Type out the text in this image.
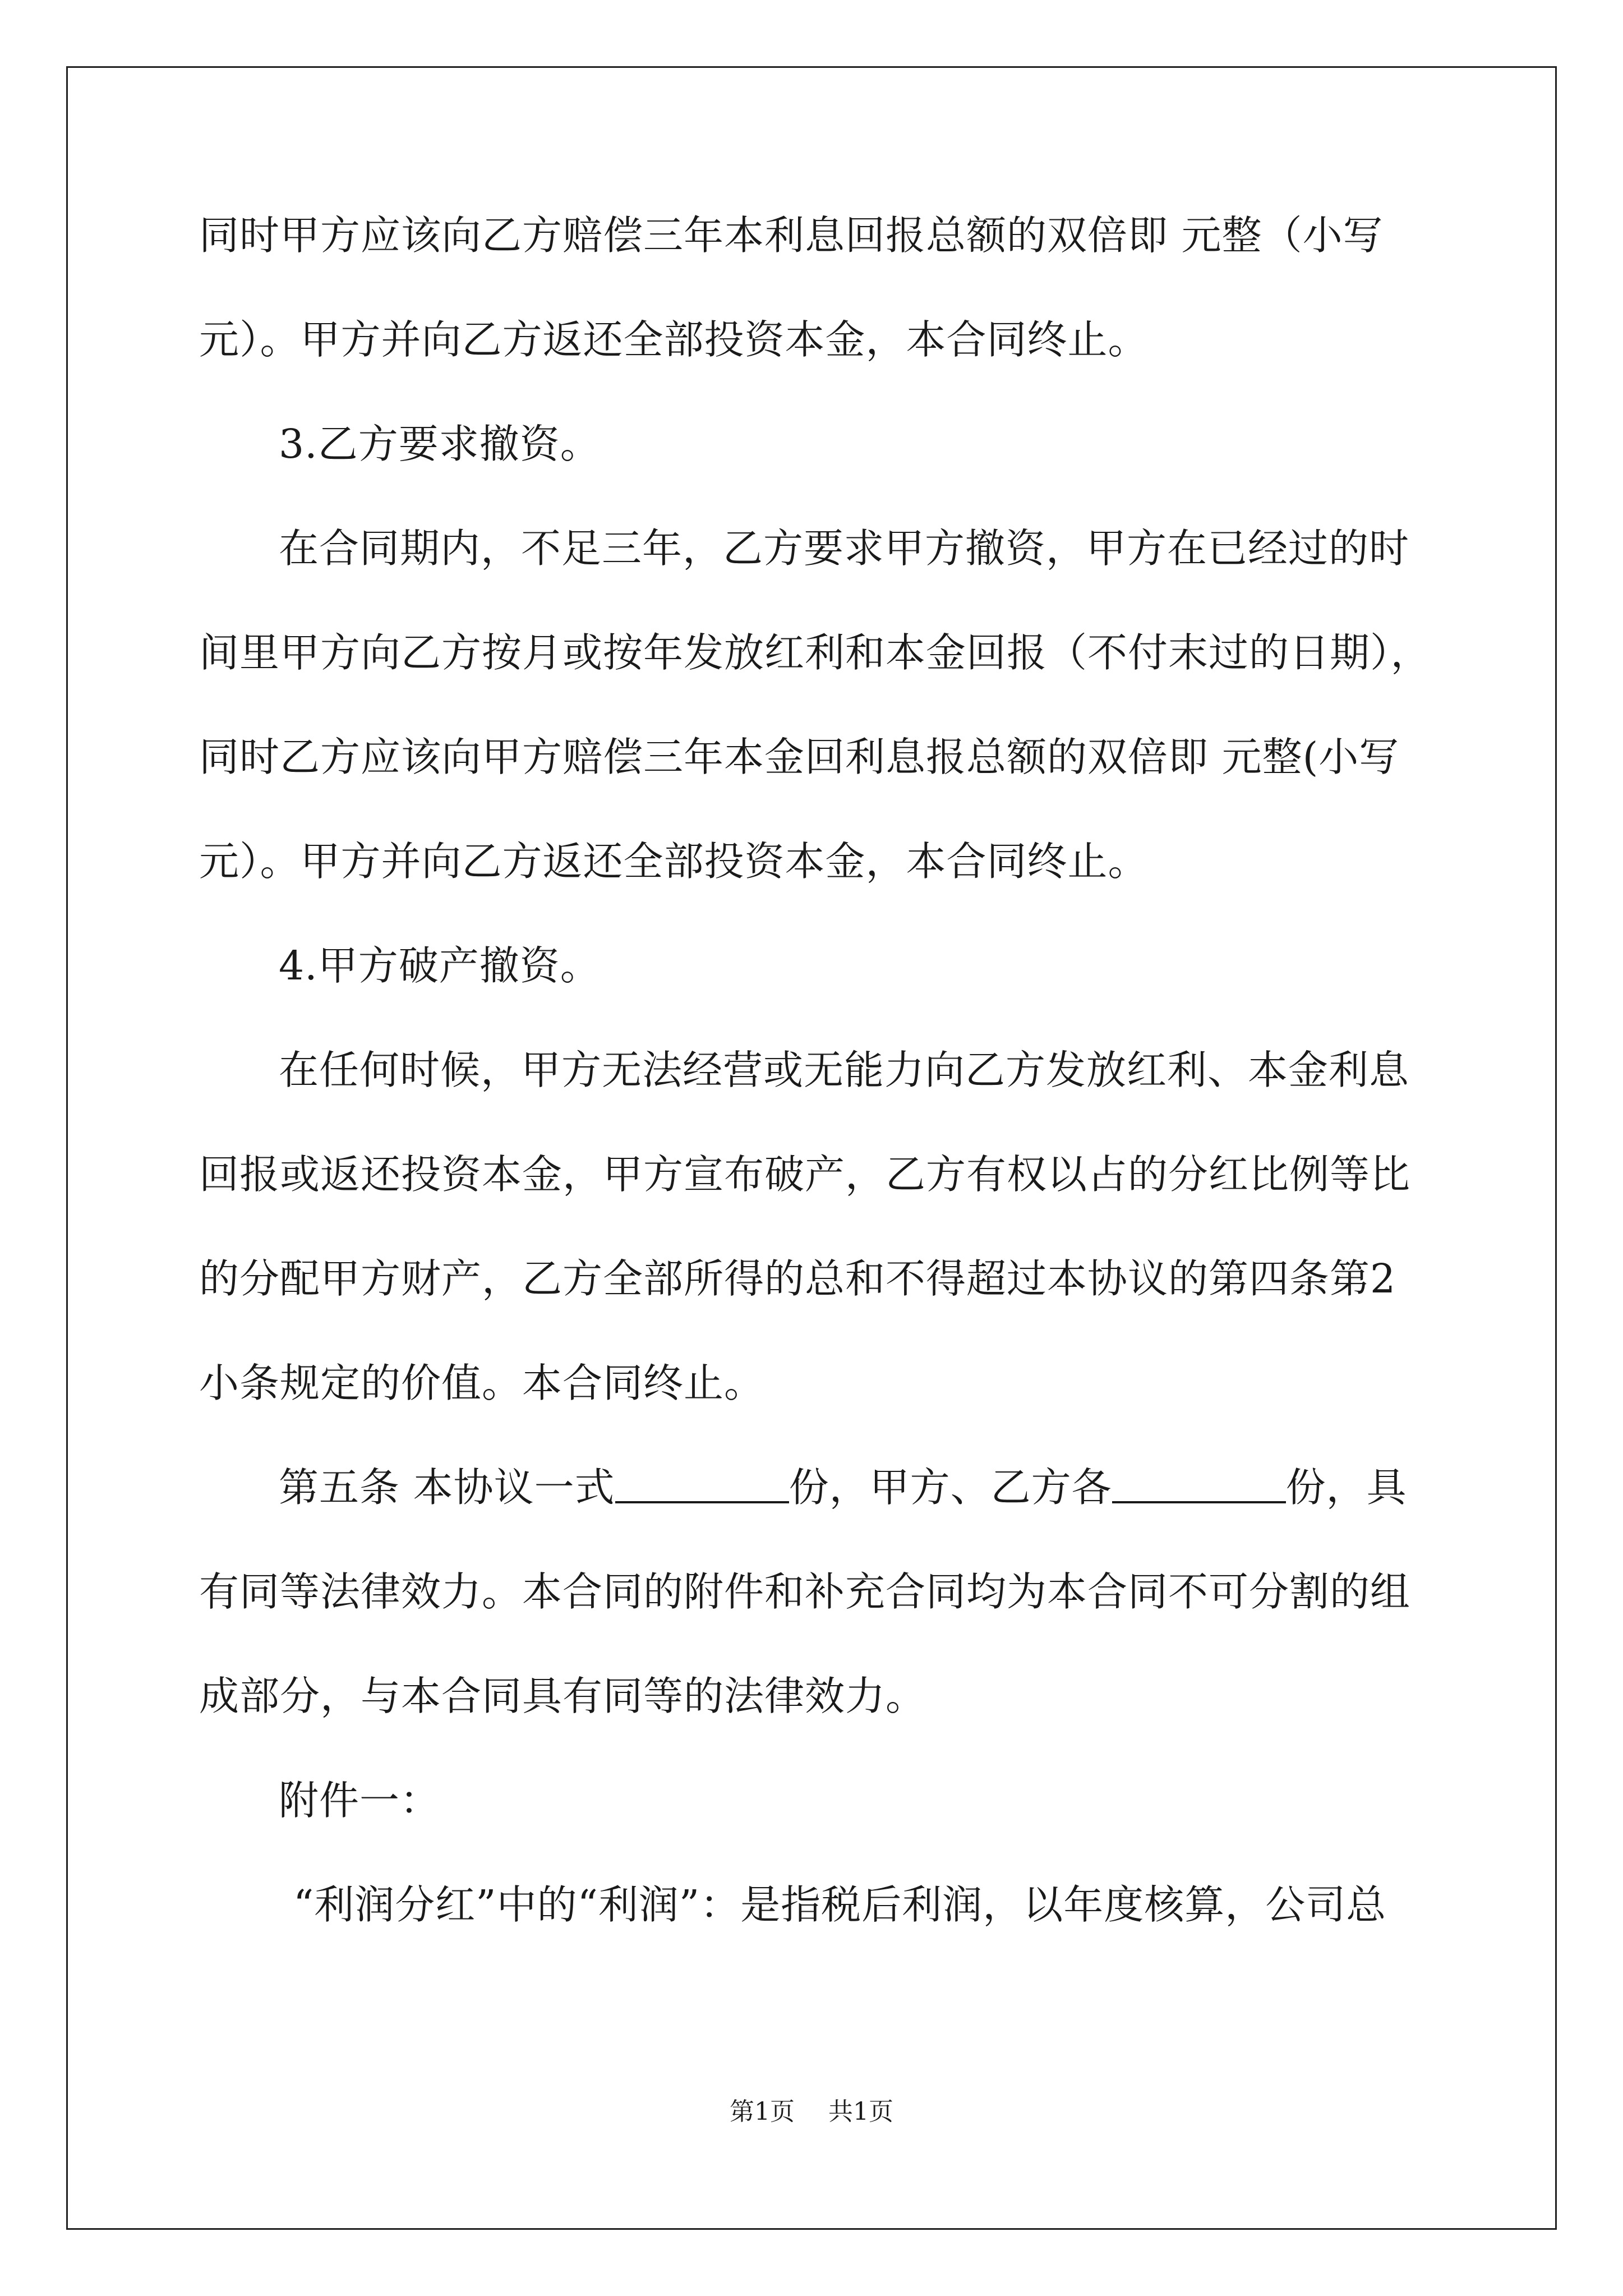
同时甲方应该向乙方赔偿三年本利息回报总额的双倍即 元整（小写
元）。甲方并向乙方返还全部投资本金，本合同终止。
3.乙方要求撤资。
在合同期内，不足三年，乙方要求甲方撤资，甲方在已经过的时
间里甲方向乙方按月或按年发放红利和本金回报（不付末过的日期），
同时乙方应该向甲方赔偿三年本金回利息报总额的双倍即 元整(小写
元）。甲方并向乙方返还全部投资本金，本合同终止。
4.甲方破产撤资。
在任何时候，甲方无法经营或无能力向乙方发放红利、本金利息
回报或返还投资本金，甲方宣布破产，乙方有权以占的分红比例等比
的分配甲方财产，乙方全部所得的总和不得超过本协议的第四条第2
小条规定的价值。本合同终止。
第五条 本协议一式	份，甲方、乙方各	份，具
有同等法律效力。本合同的附件和补充合同均为本合同不可分割的组
成部分，与本合同具有同等的法律效力。
附件一：
“利润分红”中的“利润”：是指税后利润，以年度核算，公司总
第1页 共1页
